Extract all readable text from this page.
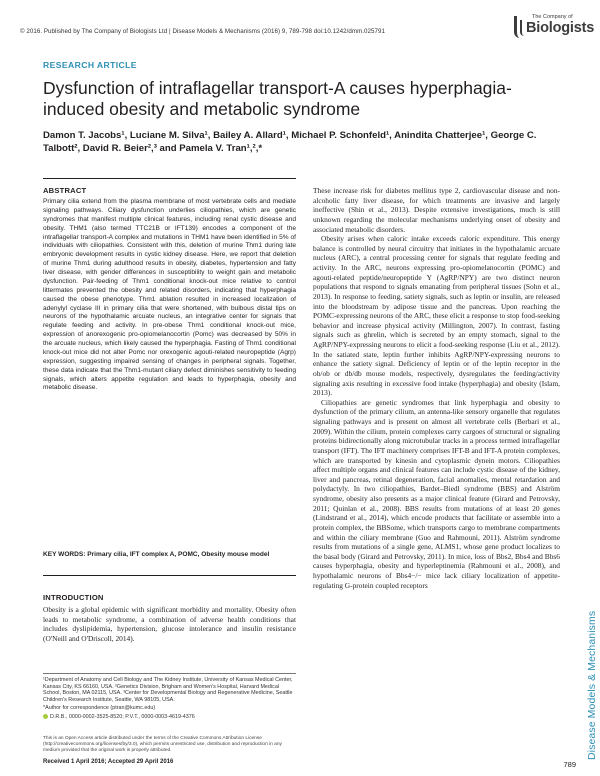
© 2016. Published by The Company of Biologists Ltd | Disease Models & Mechanisms (2016) 9, 789-798 doi:10.1242/dmm.025791
The Company of
Biologists
RESEARCH ARTICLE
Dysfunction of intraflagellar transport-A causes hyperphagia-induced obesity and metabolic syndrome
Damon T. Jacobs¹, Luciane M. Silva¹, Bailey A. Allard¹, Michael P. Schonfeld¹, Anindita Chatterjee¹, George C. Talbott², David R. Beier²,³ and Pamela V. Tran¹,²,*
ABSTRACT

Primary cilia extend from the plasma membrane of most vertebrate cells and mediate signaling pathways. Ciliary dysfunction underlies ciliopathies, which are genetic syndromes that manifest multiple clinical features, including renal cystic disease and obesity. THM1 (also termed TTC21B or IFT139) encodes a component of the intraflagellar transport-A complex and mutations in THM1 have been identified in 5% of individuals with ciliopathies. Consistent with this, deletion of murine Thm1 during late embryonic development results in cystic kidney disease. Here, we report that deletion of murine Thm1 during adulthood results in obesity, diabetes, hypertension and fatty liver disease, with gender differences in susceptibility to weight gain and metabolic dysfunction. Pair-feeding of Thm1 conditional knock-out mice relative to control littermates prevented the obesity and related disorders, indicating that hyperphagia caused the obese phenotype. Thm1 ablation resulted in increased localization of adenylyl cyclase III in primary cilia that were shortened, with bulbous distal tips on neurons of the hypothalamic arcuate nucleus, an integrative center for signals that regulate feeding and activity. In pre-obese Thm1 conditional knock-out mice, expression of anorexogenic pro-opiomelanocortin (Pomc) was decreased by 50% in the arcuate nucleus, which likely caused the hyperphagia. Fasting of Thm1 conditional knock-out mice did not alter Pomc nor orexogenic agouti-related neuropeptide (Agrp) expression, suggesting impaired sensing of changes in peripheral signals. Together, these data indicate that the Thm1-mutant ciliary defect diminishes sensitivity to feeding signals, which alters appetite regulation and leads to hyperphagia, obesity and metabolic disease.

KEY WORDS: Primary cilia, IFT complex A, POMC, Obesity mouse model
INTRODUCTION

Obesity is a global epidemic with significant morbidity and mortality. Obesity often leads to metabolic syndrome, a combination of adverse health conditions that includes dyslipidemia, hypertension, glucose intolerance and insulin resistance (O'Neill and O'Driscoll, 2014).

¹Department of Anatomy and Cell Biology and The Kidney Institute, University of Kansas Medical Center, Kansas City, KS 66160, USA. ²Genetics Division, Brigham and Women's Hospital, Harvard Medical School, Boston, MA 02115, USA. ³Center for Developmental Biology and Regenerative Medicine, Seattle Children's Research Institute, Seattle, WA 98105, USA.

*Author for correspondence (ptran@kumc.edu)

D.R.B., 0000-0002-3525-8520; P.V.T., 0000-0003-4619-4376

This is an Open Access article distributed under the terms of the Creative Commons Attribution License (http://creativecommons.org/licenses/by/3.0), which permits unrestricted use, distribution and reproduction in any medium provided that the original work is properly attributed.
Received 1 April 2016; Accepted 29 April 2016

These increase risk for diabetes mellitus type 2, cardiovascular disease and non-alcoholic fatty liver disease, for which treatments are invasive and largely ineffective (Shin et al., 2013). Despite extensive investigations, much is still unknown regarding the molecular mechanisms underlying onset of obesity and associated metabolic disorders.

Obesity arises when caloric intake exceeds caloric expenditure. This energy balance is controlled by neural circuitry that initiates in the hypothalamic arcuate nucleus (ARC), a central processing center for signals that regulate feeding and activity. In the ARC, neurons expressing pro-opiomelanocortin (POMC) and agouti-related peptide/neuropeptide Y (AgRP/NPY) are two distinct neuron populations that respond to signals emanating from peripheral tissues (Sohn et al., 2013). In response to feeding, satiety signals, such as leptin or insulin, are released into the bloodstream by adipose tissue and the pancreas. Upon reaching the POMC-expressing neurons of the ARC, these elicit a response to stop food-seeking behavior and increase physical activity (Millington, 2007). In contrast, fasting signals such as ghrelin, which is secreted by an empty stomach, signal to the AgRP/NPY-expressing neurons to elicit a food-seeking response (Liu et al., 2012). In the satiated state, leptin further inhibits AgRP/NPY-expressing neurons to enhance the satiety signal. Deficiency of leptin or of the leptin receptor in the ob/ob or db/db mouse models, respectively, dysregulates the feeding/activity signaling axis resulting in excessive food intake (hyperphagia) and obesity (Islam, 2013).

Ciliopathies are genetic syndromes that link hyperphagia and obesity to dysfunction of the primary cilium, an antenna-like sensory organelle that regulates signaling pathways and is present on almost all vertebrate cells (Berbari et al., 2009). Within the cilium, protein complexes carry cargoes of structural or signaling proteins bidirectionally along microtubular tracks in a process termed intraflagellar transport (IFT). The IFT machinery comprises IFT-B and IFT-A protein complexes, which are transported by kinesin and cytoplasmic dynein motors. Ciliopathies affect multiple organs and clinical features can include cystic disease of the kidney, liver and pancreas, retinal degeneration, facial anomalies, mental retardation and polydactyly. In two ciliopathies, Bardet–Biedl syndrome (BBS) and Alström syndrome, obesity also presents as a major clinical feature (Girard and Petrovsky, 2011; Quinlan et al., 2008). BBS results from mutations of at least 20 genes (Lindstrand et al., 2014), which encode products that facilitate or assemble into a protein complex, the BBSome, which transports cargo to membrane compartments and within the ciliary membrane (Guo and Rahmouni, 2011). Alström syndrome results from mutations of a single gene, ALMS1, whose gene product localizes to the basal body (Girard and Petrovsky, 2011). In mice, loss of Bbs2, Bbs4 and Bbs6 causes hyperphagia, obesity and hyperleptinemia (Rahmouni et al., 2008), and hypothalamic neurons of Bbs4−/− mice lack ciliary localization of appetite-regulating G-protein coupled receptors

Disease Models & Mechanisms
789
